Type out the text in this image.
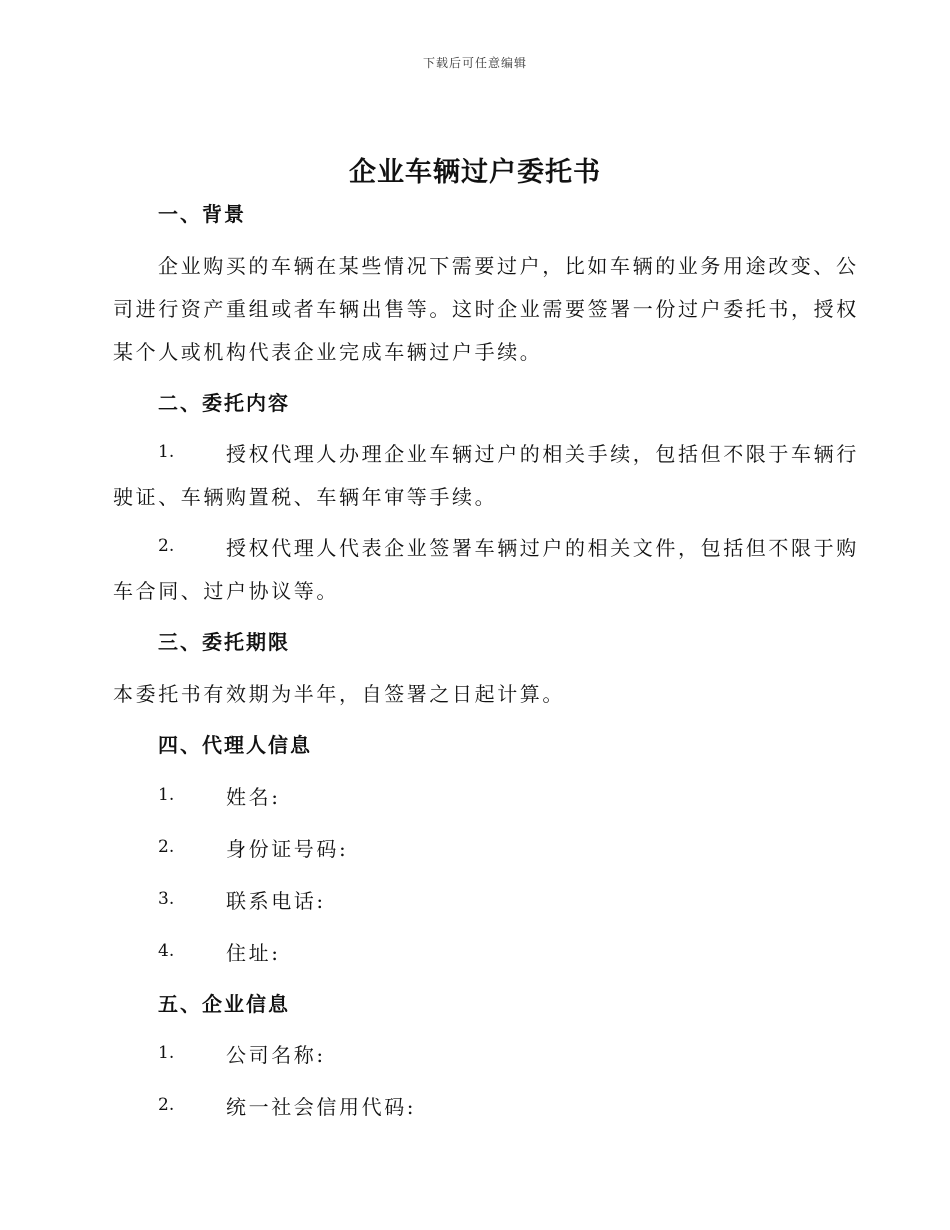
下载后可任意编辑
企业车辆过户委托书
一、背景
企业购买的车辆在某些情况下需要过户，比如车辆的业务用途改变、公
司进行资产重组或者车辆出售等。这时企业需要签署一份过户委托书，授权
某个人或机构代表企业完成车辆过户手续。
二、委托内容
1.	授权代理人办理企业车辆过户的相关手续，包括但不限于车辆行
驶证、车辆购置税、车辆年审等手续。
2.	授权代理人代表企业签署车辆过户的相关文件，包括但不限于购
车合同、过户协议等。
三、委托期限
本委托书有效期为半年，自签署之日起计算。
四、代理人信息
1.	姓名:
2.	身份证号码:
3.	联系电话:
4.	住址:
五、企业信息
1.	公司名称:
2.	统一社会信用代码:
